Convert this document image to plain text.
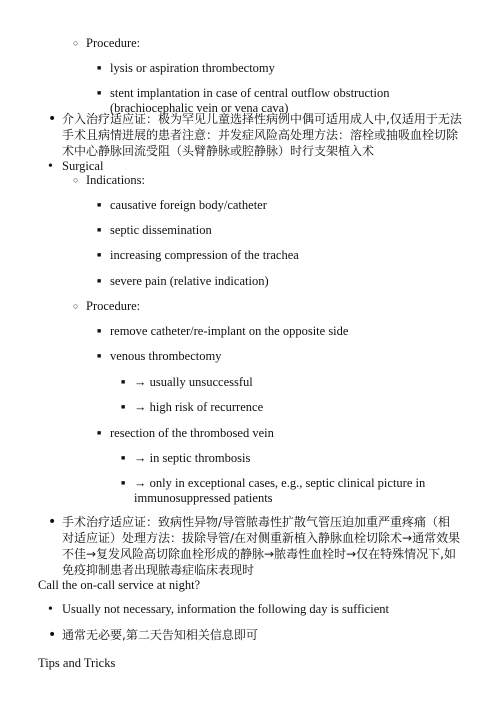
○ Procedure:
■ lysis or aspiration thrombectomy
■ stent implantation in case of central outflow obstruction (brachiocephalic vein or vena cava)
• 介入治疗适应证：极为罕见儿童选择性病例中偶可适用成人中,仅适用于无法手术且病情进展的患者注意：并发症风险高处理方法：溶栓或抽吸血栓切除术中心静脉回流受阻（头臂静脉或腔静脉）时行支架植入术
• Surgical
○ Indications:
■ causative foreign body/catheter
■ septic dissemination
■ increasing compression of the trachea
■ severe pain (relative indication)
○ Procedure:
■ remove catheter/re-implant on the opposite side
■ venous thrombectomy
■ → usually unsuccessful
■ → high risk of recurrence
■ resection of the thrombosed vein
■ → in septic thrombosis
■ → only in exceptional cases, e.g., septic clinical picture in immunosuppressed patients
• 手术治疗适应证：致病性异物/导管脓毒性扩散气管压迫加重严重疼痛（相对适应证）处理方法：拔除导管/在对侧重新植入静脉血栓切除术→通常效果不佳→复发风险高切除血栓形成的静脉→脓毒性血栓时→仅在特殊情况下,如免疫抑制患者出现脓毒症临床表现时
Call the on-call service at night?
• Usually not necessary, information the following day is sufficient
• 通常无必要,第二天告知相关信息即可
Tips and Tricks
